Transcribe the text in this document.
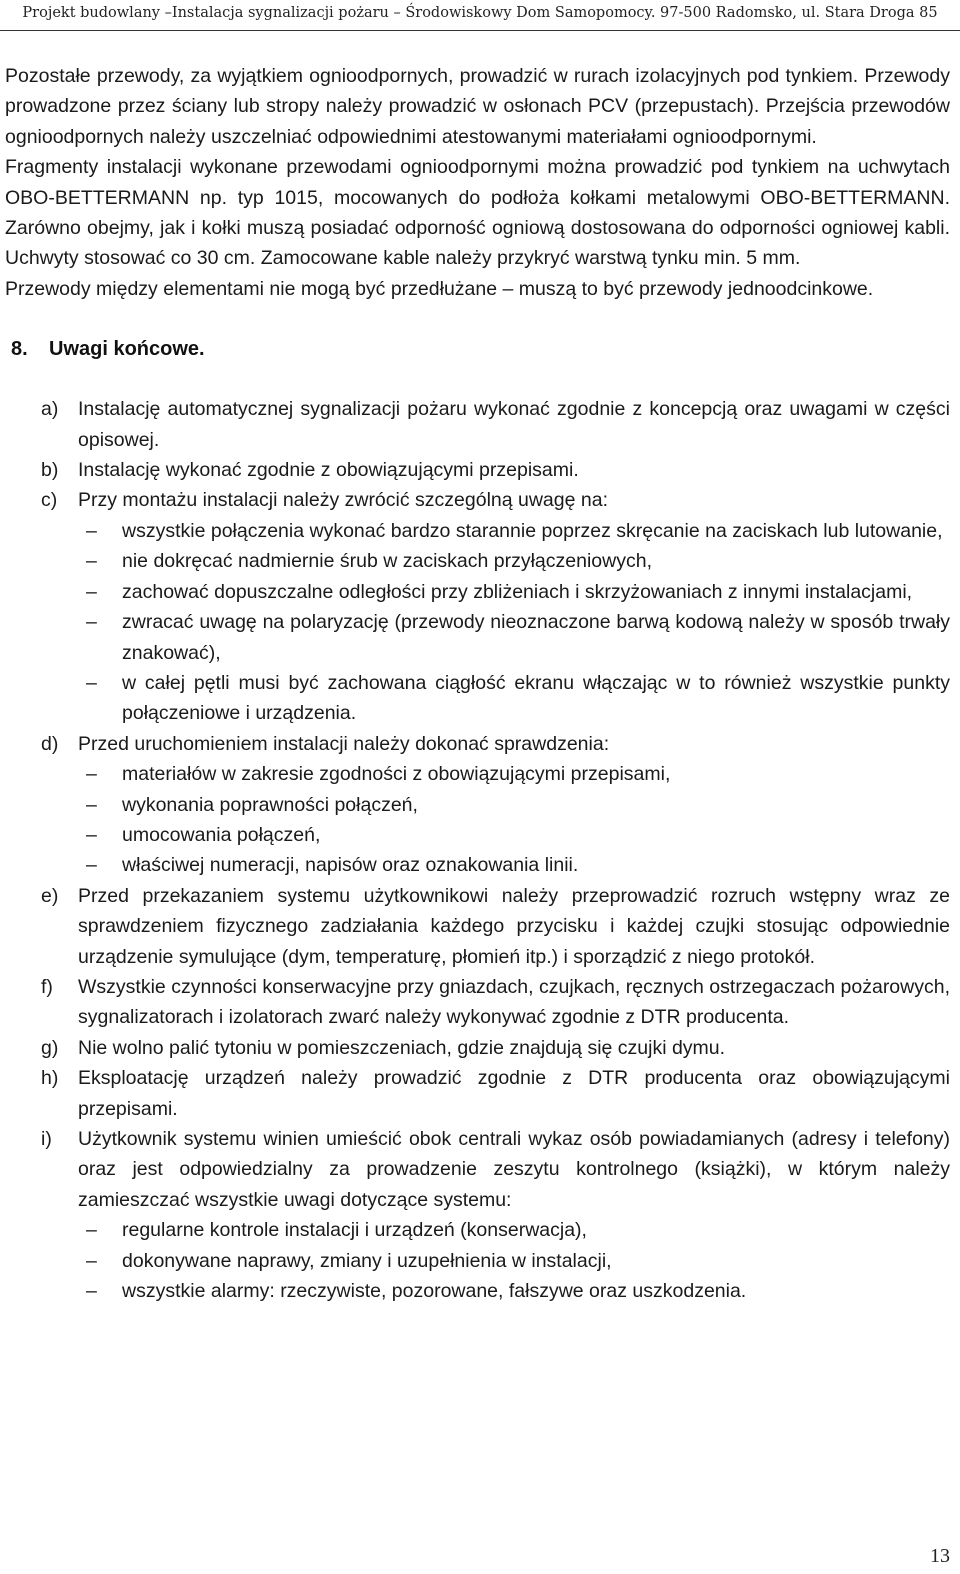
Projekt budowlany –Instalacja sygnalizacji pożaru – Środowiskowy Dom Samopomocy. 97-500 Radomsko, ul. Stara Droga 85

Pozostałe przewody, za wyjątkiem ognioodpornych, prowadzić w rurach izolacyjnych pod tynkiem. Przewody prowadzone przez ściany lub stropy należy prowadzić w osłonach PCV (przepustach). Przejścia przewodów ognioodpornych należy uszczelniać odpowiednimi atestowanymi materiałami ognioodpornymi.

Fragmenty instalacji wykonane przewodami ognioodpornymi można prowadzić pod tynkiem na uchwytach OBO-BETTERMANN np. typ 1015, mocowanych do podłoża kołkami metalowymi OBO-BETTERMANN. Zarówno obejmy, jak i kołki muszą posiadać odporność ogniową dostosowana do odporności ogniowej kabli. Uchwyty stosować co 30 cm. Zamocowane kable należy przykryć warstwą tynku min. 5 mm.

Przewody między elementami nie mogą być przedłużane – muszą to być przewody jednoodcinkowe.

8. Uwagi końcowe.
a) Instalację automatycznej sygnalizacji pożaru wykonać zgodnie z koncepcją oraz uwagami w części opisowej.
b) Instalację wykonać zgodnie z obowiązującymi przepisami.
c) Przy montażu instalacji należy zwrócić szczególną uwagę na:
– wszystkie połączenia wykonać bardzo starannie poprzez skręcanie na zaciskach lub lutowanie,
– nie dokręcać nadmiernie śrub w zaciskach przyłączeniowych,
– zachować dopuszczalne odległości przy zbliżeniach i skrzyżowaniach z innymi instalacjami,
– zwracać uwagę na polaryzację (przewody nieoznaczone barwą kodową należy w sposób trwały znakować),
– w całej pętli musi być zachowana ciągłość ekranu włączając w to również wszystkie punkty połączeniowe i urządzenia.
d) Przed uruchomieniem instalacji należy dokonać sprawdzenia:
– materiałów w zakresie zgodności z obowiązującymi przepisami,
– wykonania poprawności połączeń,
– umocowania połączeń,
– właściwej numeracji, napisów oraz oznakowania linii.
e) Przed przekazaniem systemu użytkownikowi należy przeprowadzić rozruch wstępny wraz ze sprawdzeniem fizycznego zadziałania każdego przycisku i każdej czujki stosując odpowiednie urządzenie symulujące (dym, temperaturę, płomień itp.) i sporządzić z niego protokół.
f) Wszystkie czynności konserwacyjne przy gniazdach, czujkach, ręcznych ostrzegaczach pożarowych, sygnalizatorach i izolatorach zwarć należy wykonywać zgodnie z DTR producenta.
g) Nie wolno palić tytoniu w pomieszczeniach, gdzie znajdują się czujki dymu.
h) Eksploatację urządzeń należy prowadzić zgodnie z DTR producenta oraz obowiązującymi przepisami.
i) Użytkownik systemu winien umieścić obok centrali wykaz osób powiadamianych (adresy i telefony) oraz jest odpowiedzialny za prowadzenie zeszytu kontrolnego (książki), w którym należy zamieszczać wszystkie uwagi dotyczące systemu:
– regularne kontrole instalacji i urządzeń (konserwacja),
– dokonywane naprawy, zmiany i uzupełnienia w instalacji,
– wszystkie alarmy: rzeczywiste, pozorowane, fałszywe oraz uszkodzenia.
13
